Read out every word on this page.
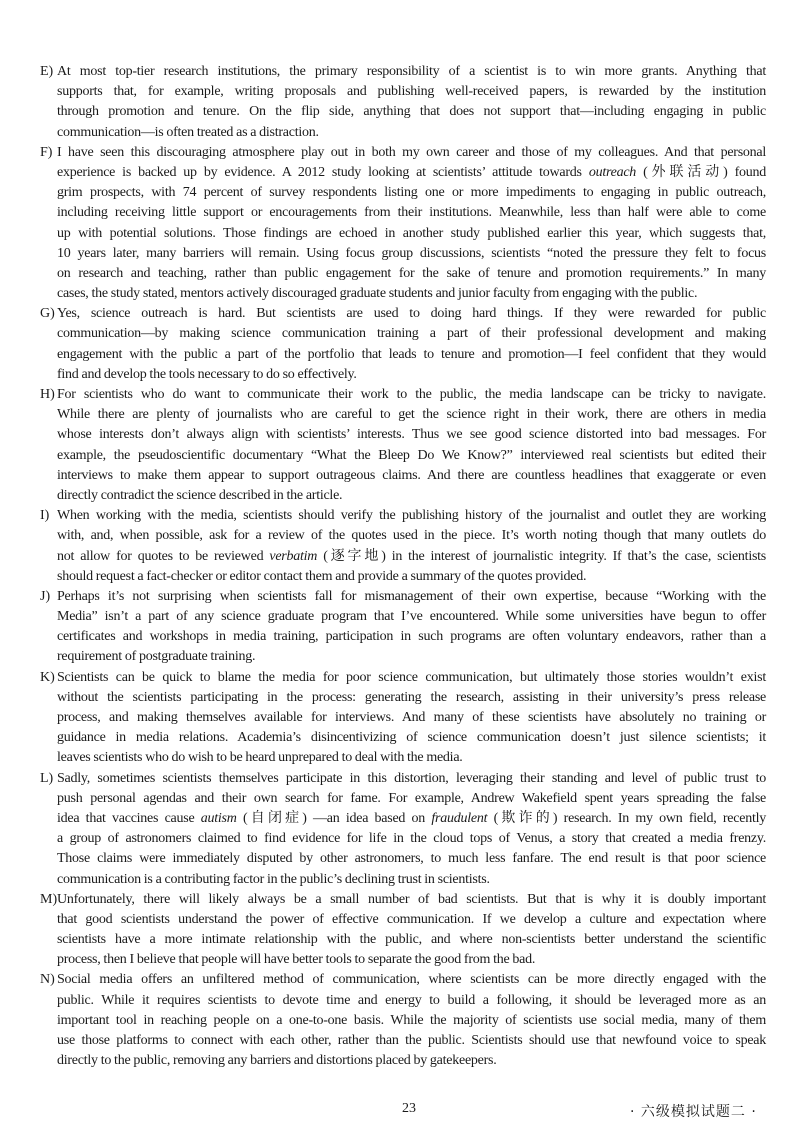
E) At most top-tier research institutions, the primary responsibility of a scientist is to win more grants. Anything that
supports that, for example, writing proposals and publishing well-received papers, is rewarded by the institution
through promotion and tenure. On the flip side, anything that does not support that—including engaging in public
communication—is often treated as a distraction.
F) I have seen this discouraging atmosphere play out in both my own career and those of my colleagues. And that personal
experience is backed up by evidence. A 2012 study looking at scientists’ attitude towards outreach (外联活动) found
grim prospects, with 74 percent of survey respondents listing one or more impediments to engaging in public outreach,
including receiving little support or encouragements from their institutions. Meanwhile, less than half were able to come
up with potential solutions. Those findings are echoed in another study published earlier this year, which suggests that,
10 years later, many barriers will remain. Using focus group discussions, scientists “noted the pressure they felt to focus
on research and teaching, rather than public engagement for the sake of tenure and promotion requirements.” In many
cases, the study stated, mentors actively discouraged graduate students and junior faculty from engaging with the public.
G) Yes, science outreach is hard. But scientists are used to doing hard things. If they were rewarded for public
communication—by making science communication training a part of their professional development and making
engagement with the public a part of the portfolio that leads to tenure and promotion—I feel confident that they would
find and develop the tools necessary to do so effectively.
H) For scientists who do want to communicate their work to the public, the media landscape can be tricky to navigate.
While there are plenty of journalists who are careful to get the science right in their work, there are others in media
whose interests don’t always align with scientists’ interests. Thus we see good science distorted into bad messages. For
example, the pseudoscientific documentary “What the Bleep Do We Know?” interviewed real scientists but edited their
interviews to make them appear to support outrageous claims. And there are countless headlines that exaggerate or even
directly contradict the science described in the article.
I) When working with the media, scientists should verify the publishing history of the journalist and outlet they are working
with, and, when possible, ask for a review of the quotes used in the piece. It’s worth noting though that many outlets do
not allow for quotes to be reviewed verbatim (逐字地) in the interest of journalistic integrity. If that’s the case, scientists
should request a fact-checker or editor contact them and provide a summary of the quotes provided.
J) Perhaps it’s not surprising when scientists fall for mismanagement of their own expertise, because “Working with the
Media” isn’t a part of any science graduate program that I’ve encountered. While some universities have begun to offer
certificates and workshops in media training, participation in such programs are often voluntary endeavors, rather than a
requirement of postgraduate training.
K) Scientists can be quick to blame the media for poor science communication, but ultimately those stories wouldn’t exist
without the scientists participating in the process: generating the research, assisting in their university’s press release
process, and making themselves available for interviews. And many of these scientists have absolutely no training or
guidance in media relations. Academia’s disincentivizing of science communication doesn’t just silence scientists; it
leaves scientists who do wish to be heard unprepared to deal with the media.
L) Sadly, sometimes scientists themselves participate in this distortion, leveraging their standing and level of public trust to
push personal agendas and their own search for fame. For example, Andrew Wakefield spent years spreading the false
idea that vaccines cause autism (自闭症) —an idea based on fraudulent (欺诈的) research. In my own field, recently
a group of astronomers claimed to find evidence for life in the cloud tops of Venus, a story that created a media frenzy.
Those claims were immediately disputed by other astronomers, to much less fanfare. The end result is that poor science
communication is a contributing factor in the public’s declining trust in scientists.
M) Unfortunately, there will likely always be a small number of bad scientists. But that is why it is doubly important
that good scientists understand the power of effective communication. If we develop a culture and expectation where
scientists have a more intimate relationship with the public, and where non-scientists better understand the scientific
process, then I believe that people will have better tools to separate the good from the bad.
N) Social media offers an unfiltered method of communication, where scientists can be more directly engaged with the
public. While it requires scientists to devote time and energy to build a following, it should be leveraged more as an
important tool in reaching people on a one-to-one basis. While the majority of scientists use social media, many of them
use those platforms to connect with each other, rather than the public. Scientists should use that newfound voice to speak
directly to the public, removing any barriers and distortions placed by gatekeepers.
23	· 六级模拟试题二 ·
